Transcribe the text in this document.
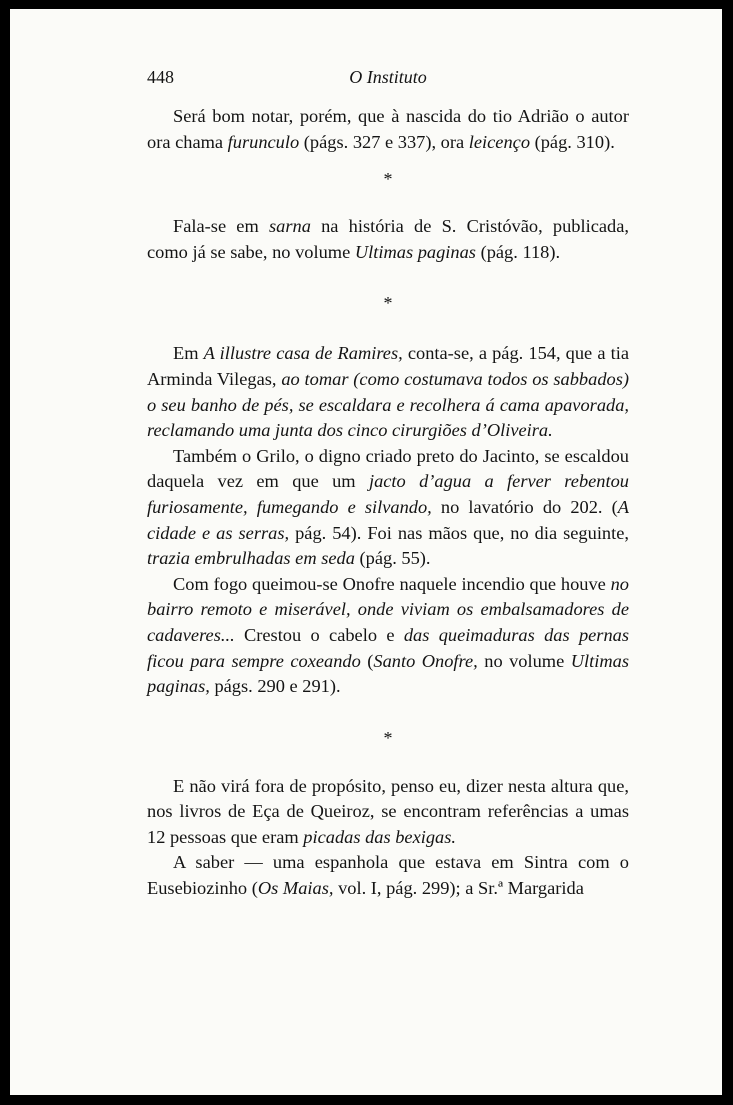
448	O Instituto

Será bom notar, porém, que à nascida do tio Adrião o autor ora chama furunculo (págs. 327 e 337), ora leicenço (pág. 310).

*

Fala-se em sarna na história de S. Cristóvão, publicada, como já se sabe, no volume Ultimas paginas (pág. 118).

*

Em A illustre casa de Ramires, conta-se, a pág. 154, que a tia Arminda Vilegas, ao tomar (como costumava todos os sabbados) o seu banho de pés, se escaldara e recolhera á cama apavorada, reclamando uma junta dos cinco cirurgiões d’Oliveira.

Também o Grilo, o digno criado preto do Jacinto, se escaldou daquela vez em que um jacto d’agua a ferver rebentou furiosamente, fumegando e silvando, no lavatório do 202. (A cidade e as serras, pág. 54). Foi nas mãos que, no dia seguinte, trazia embrulhadas em seda (pág. 55).

Com fogo queimou-se Onofre naquele incendio que houve no bairro remoto e miserável, onde viviam os embalsamadores de cadaveres... Crestou o cabelo e das queimaduras das pernas ficou para sempre coxeando (Santo Onofre, no volume Ultimas paginas, págs. 290 e 291).

*

E não virá fora de propósito, penso eu, dizer nesta altura que, nos livros de Eça de Queiroz, se encontram referências a umas 12 pessoas que eram picadas das bexigas.

A saber — uma espanhola que estava em Sintra com o Eusebiozinho (Os Maias, vol. I, pág. 299); a Sr.ª Margarida
